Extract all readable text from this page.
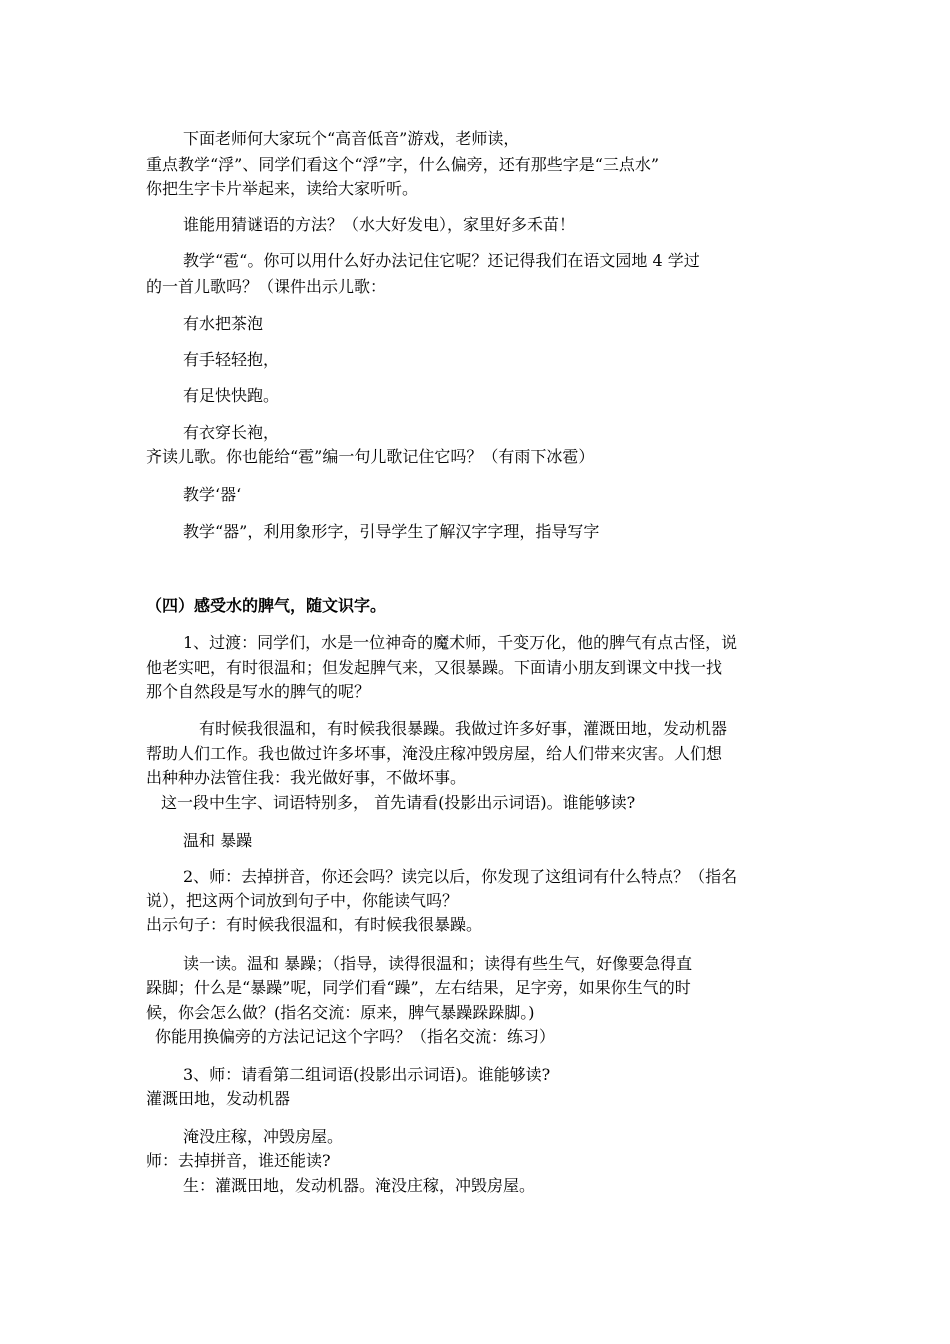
下面老师何大家玩个“高音低音”游戏，老师读，
重点教学“浮”、同学们看这个“浮”字，什么偏旁，还有那些字是“三点水”
你把生字卡片举起来，读给大家听听。
谁能用猜谜语的方法？（水大好发电），家里好多禾苗！
教学“雹“。你可以用什么好办法记住它呢？还记得我们在语文园地 4 学过
的一首儿歌吗？（课件出示儿歌：
有水把茶泡
有手轻轻抱，
有足快快跑。
有衣穿长袍，
齐读儿歌。你也能给“雹”编一句儿歌记住它吗？（有雨下冰雹）
教学‘器‘
教学“器”，利用象形字，引导学生了解汉字字理，指导写字
（四）感受水的脾气，随文识字。
1、过渡：同学们，水是一位神奇的魔术师，千变万化，他的脾气有点古怪，说
他老实吧，有时很温和；但发起脾气来，又很暴躁。下面请小朋友到课文中找一找
那个自然段是写水的脾气的呢？
有时候我很温和，有时候我很暴躁。我做过许多好事，灌溉田地，发动机器
帮助人们工作。我也做过许多坏事，淹没庄稼冲毁房屋，给人们带来灾害。人们想
出种种办法管住我：我光做好事，不做坏事。
这一段中生字、词语特别多， 首先请看(投影出示词语)。谁能够读?
温和 暴躁
2、师：去掉拼音，你还会吗？读完以后，你发现了这组词有什么特点？（指名
说），把这两个词放到句子中，你能读气吗？
出示句子：有时候我很温和，有时候我很暴躁。
读一读。温和 暴躁；（指导，读得很温和；读得有些生气，好像要急得直
跺脚；什么是“暴躁”呢，同学们看“躁”，左右结果，足字旁，如果你生气的时
候，你会怎么做？(指名交流：原来，脾气暴躁跺跺脚。)
你能用换偏旁的方法记记这个字吗？（指名交流：练习）
3、师：请看第二组词语(投影出示词语)。谁能够读?
灌溉田地，发动机器
淹没庄稼，冲毁房屋。
师：去掉拼音，谁还能读?
生：灌溉田地，发动机器。淹没庄稼，冲毁房屋。
